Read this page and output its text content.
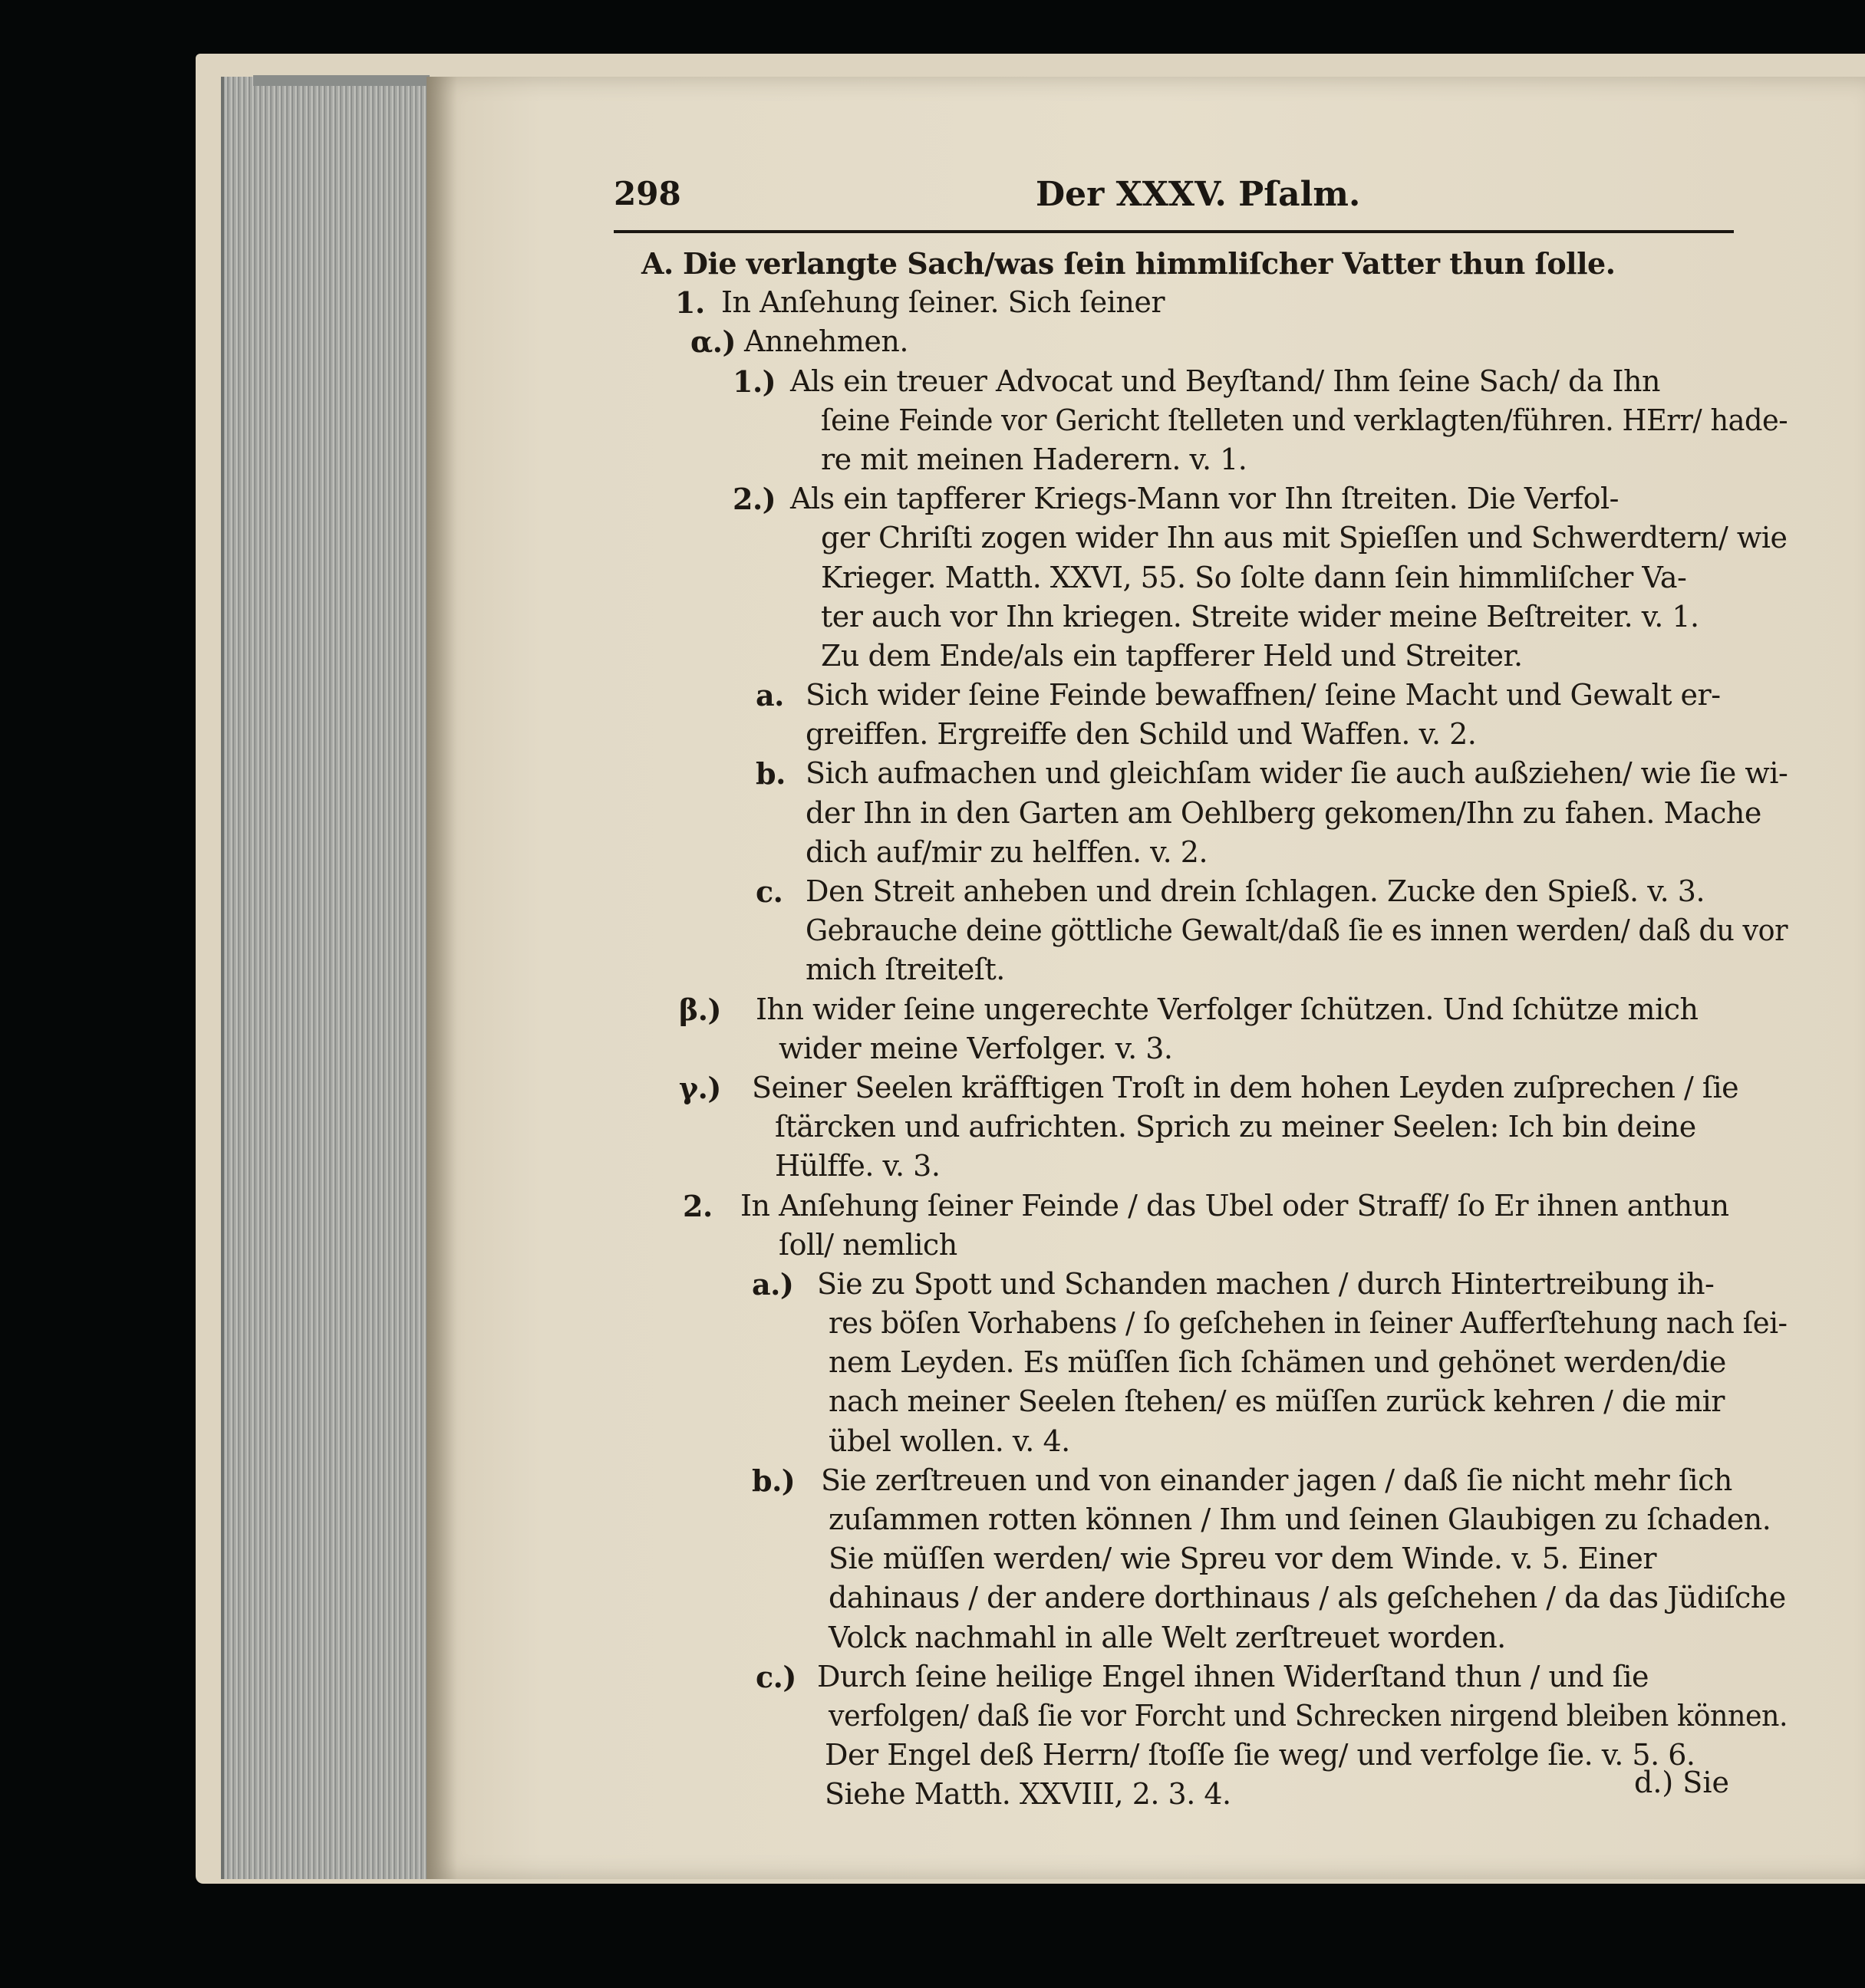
298	Der XXXV. Pſalm.
A. Die verlangte Sach/was ſein himmliſcher Vatter thun ſolle.
1. In Anſehung ſeiner. Sich ſeiner
α.) Annehmen.
1.) Als ein treuer Advocat und Beyſtand/ Ihm ſeine Sach/ da Ihn
ſeine Feinde vor Gericht ſtelleten und verklagten/führen. HErr/ hade-
re mit meinen Haderern. v. 1.
2.) Als ein tapfferer Kriegs-Mann vor Ihn ſtreiten. Die Verfol-
ger Chriſti zogen wider Ihn aus mit Spieſſen und Schwerdtern/ wie
Krieger. Matth. XXVI, 55. So ſolte dann ſein himmliſcher Va-
ter auch vor Ihn kriegen. Streite wider meine Beſtreiter. v. 1.
Zu dem Ende/als ein tapfferer Held und Streiter.
a. Sich wider ſeine Feinde bewaffnen/ ſeine Macht und Gewalt er-
greiffen. Ergreiffe den Schild und Waffen. v. 2.
b. Sich aufmachen und gleichſam wider ſie auch außziehen/ wie ſie wi-
der Ihn in den Garten am Oehlberg gekomen/Ihn zu fahen. Mache
dich auf/mir zu helffen. v. 2.
c. Den Streit anheben und drein ſchlagen. Zucke den Spieß. v. 3.
Gebrauche deine göttliche Gewalt/daß ſie es innen werden/ daß du vor
mich ſtreiteſt.
β.) Ihn wider ſeine ungerechte Verfolger ſchützen. Und ſchütze mich
wider meine Verfolger. v. 3.
γ.) Seiner Seelen kräfftigen Troſt in dem hohen Leyden zuſprechen / ſie
ſtärcken und aufrichten. Sprich zu meiner Seelen: Ich bin deine
Hülffe. v. 3.
2. In Anſehung ſeiner Feinde / das Ubel oder Straff/ ſo Er ihnen anthun
ſoll/ nemlich
a.) Sie zu Spott und Schanden machen / durch Hintertreibung ih-
res böſen Vorhabens / ſo geſchehen in ſeiner Aufferſtehung nach ſei-
nem Leyden. Es müſſen ſich ſchämen und gehönet werden/die
nach meiner Seelen ſtehen/ es müſſen zurück kehren / die mir
übel wollen. v. 4.
b.) Sie zerſtreuen und von einander jagen / daß ſie nicht mehr ſich
zuſammen rotten können / Ihm und ſeinen Glaubigen zu ſchaden.
Sie müſſen werden/ wie Spreu vor dem Winde. v. 5. Einer
dahinaus / der andere dorthinaus / als geſchehen / da das Jüdiſche
Volck nachmahl in alle Welt zerſtreuet worden.
c.) Durch ſeine heilige Engel ihnen Widerſtand thun / und ſie
verfolgen/ daß ſie vor Forcht und Schrecken nirgend bleiben können.
Der Engel deß Herrn/ ſtoſſe ſie weg/ und verfolge ſie. v. 5. 6.
Siehe Matth. XXVIII, 2. 3. 4.	d.) Sie
